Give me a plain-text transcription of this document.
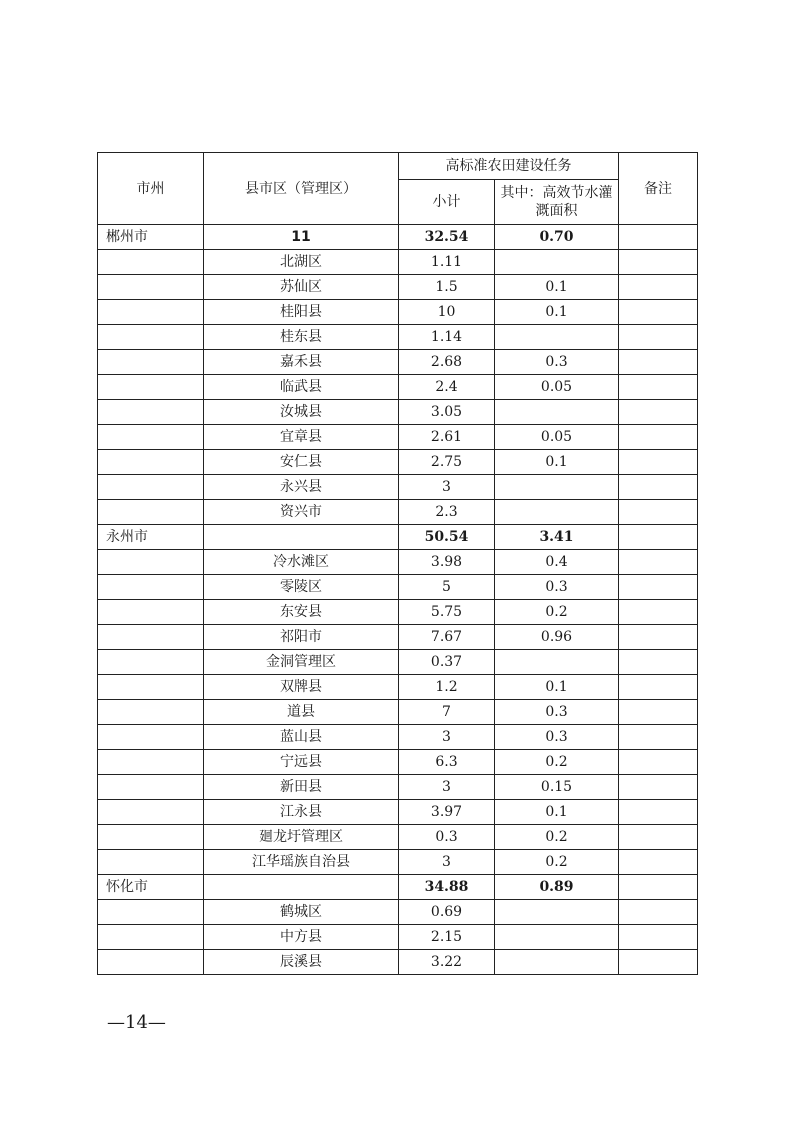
市州	县市区（管理区）	高标准农田建设任务		备注
		小计	其中：高效节水灌溉面积	
郴州市	11	32.54	0.70	
	北湖区	1.11		
	苏仙区	1.5	0.1	
	桂阳县	10	0.1	
	桂东县	1.14		
	嘉禾县	2.68	0.3	
	临武县	2.4	0.05	
	汝城县	3.05		
	宜章县	2.61	0.05	
	安仁县	2.75	0.1	
	永兴县	3		
	资兴市	2.3		
永州市		50.54	3.41	
	冷水滩区	3.98	0.4	
	零陵区	5	0.3	
	东安县	5.75	0.2	
	祁阳市	7.67	0.96	
	金洞管理区	0.37		
	双牌县	1.2	0.1	
	道县	7	0.3	
	蓝山县	3	0.3	
	宁远县	6.3	0.2	
	新田县	3	0.15	
	江永县	3.97	0.1	
	廻龙圩管理区	0.3	0.2	
	江华瑶族自治县	3	0.2	
怀化市		34.88	0.89	
	鹤城区	0.69		
	中方县	2.15		
	辰溪县	3.22		
—14—
